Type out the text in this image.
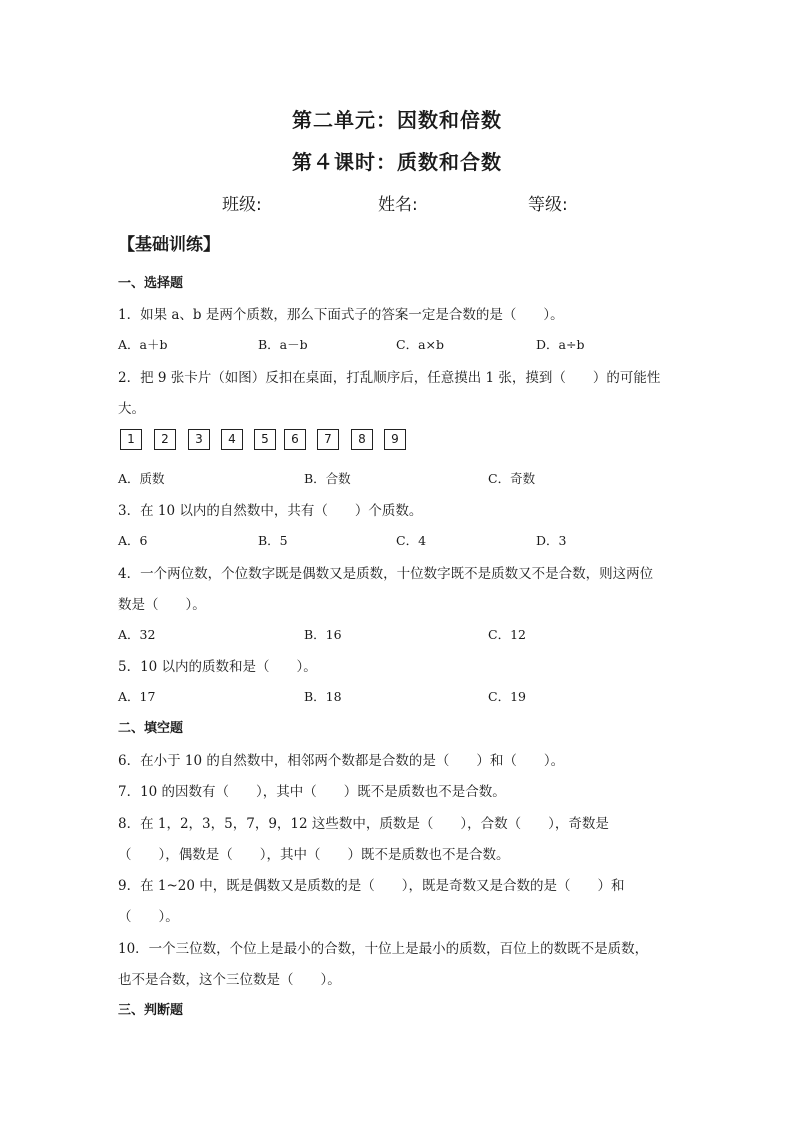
第二单元：因数和倍数
第４课时：质数和合数
班级:	姓名:	等级:
【基础训练】
一、选择题
1．如果 a、b 是两个质数，那么下面式子的答案一定是合数的是（　　）。
A．a＋b	B．a－b	C．a×b	D．a÷b
2．把 9 张卡片（如图）反扣在桌面，打乱顺序后，任意摸出 1 张，摸到（　　）的可能性
大。
1	2	3	4	5	6	7	8	9
A．质数	B．合数	C．奇数
3．在 10 以内的自然数中，共有（　　）个质数。
A．6	B．5	C．4	D．3
4．一个两位数，个位数字既是偶数又是质数，十位数字既不是质数又不是合数，则这两位
数是（　　）。
A．32	B．16	C．12
5．10 以内的质数和是（　　）。
A．17	B．18	C．19
二、填空题
6．在小于 10 的自然数中，相邻两个数都是合数的是（　　）和（　　）。
7．10 的因数有（　　），其中（　　）既不是质数也不是合数。
8．在 1，2，3，5，7，9，12 这些数中，质数是（　　），合数（　　），奇数是
（　　），偶数是（　　），其中（　　）既不是质数也不是合数。
9．在 1~20 中，既是偶数又是质数的是（　　），既是奇数又是合数的是（　　）和
（　　）。
10．一个三位数，个位上是最小的合数，十位上是最小的质数，百位上的数既不是质数，
也不是合数，这个三位数是（　　）。
三、判断题
